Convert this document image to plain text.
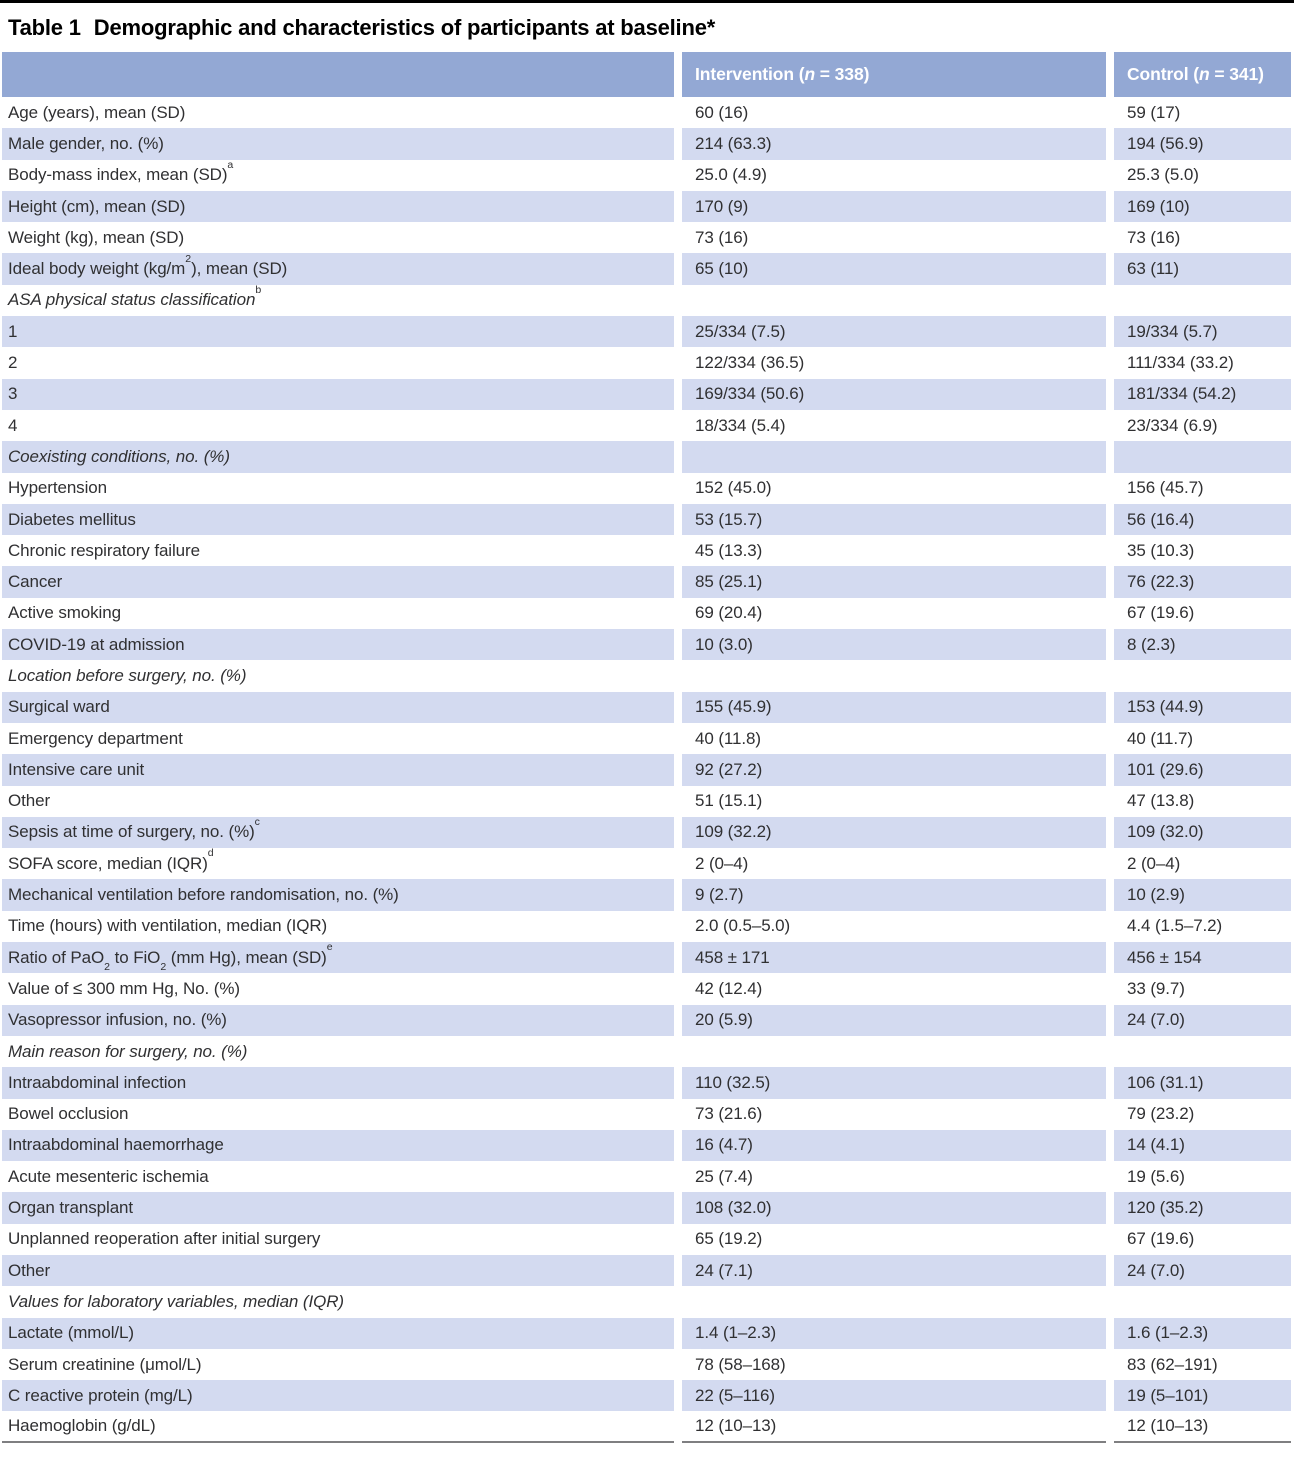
Table 1 Demographic and characteristics of participants at baseline*
	Intervention (n = 338)	Control (n = 341)
Age (years), mean (SD)	60 (16)	59 (17)
Male gender, no. (%)	214 (63.3)	194 (56.9)
Body-mass index, mean (SD)$^a$	25.0 (4.9)	25.3 (5.0)
Height (cm), mean (SD)	170 (9)	169 (10)
Weight (kg), mean (SD)	73 (16)	73 (16)
Ideal body weight $(kg/m^2)$, mean (SD)	65 (10)	63 (11)
ASA physical status classification$^b$		
1	25/334 (7.5)	19/334 (5.7)
2	122/334 (36.5)	111/334 (33.2)
3	169/334 (50.6)	181/334 (54.2)
4	18/334 (5.4)	23/334 (6.9)
Coexisting conditions, no. (%)		
Hypertension	152 (45.0)	156 (45.7)
Diabetes mellitus	53 (15.7)	56 (16.4)
Chronic respiratory failure	45 (13.3)	35 (10.3)
Cancer	85 (25.1)	76 (22.3)
Active smoking	69 (20.4)	67 (19.6)
COVID-19 at admission	10 (3.0)	8 (2.3)
Location before surgery, no. (%)		
Surgical ward	155 (45.9)	153 (44.9)
Emergency department	40 (11.8)	40 (11.7)
Intensive care unit	92 (27.2)	101 (29.6)
Other	51 (15.1)	47 (13.8)
Sepsis at time of surgery, no. (%)$^c$	109 (32.2)	109 (32.0)
SOFA score, median (IQR)$^d$	2 (0–4)	2 (0–4)
Mechanical ventilation before randomisation, no. (%)	9 (2.7)	10 (2.9)
Time (hours) with ventilation, median (IQR)	2.0 (0.5–5.0)	4.4 (1.5–7.2)
Ratio of PaO$_2$ to FiO$_2$ (mm Hg), mean (SD)$^e$	458 ± 171	456 ± 154
Value of ≤ 300 mm Hg, No. (%)	42 (12.4)	33 (9.7)
Vasopressor infusion, no. (%)	20 (5.9)	24 (7.0)
Main reason for surgery, no. (%)		
Intraabdominal infection	110 (32.5)	106 (31.1)
Bowel occlusion	73 (21.6)	79 (23.2)
Intraabdominal haemorrhage	16 (4.7)	14 (4.1)
Acute mesenteric ischemia	25 (7.4)	19 (5.6)
Organ transplant	108 (32.0)	120 (35.2)
Unplanned reoperation after initial surgery	65 (19.2)	67 (19.6)
Other	24 (7.1)	24 (7.0)
Values for laboratory variables, median (IQR)		
Lactate (mmol/L)	1.4 (1–2.3)	1.6 (1–2.3)
Serum creatinine (μmol/L)	78 (58–168)	83 (62–191)
C reactive protein (mg/L)	22 (5–116)	19 (5–101)
Haemoglobin (g/dL)	12 (10–13)	12 (10–13)
